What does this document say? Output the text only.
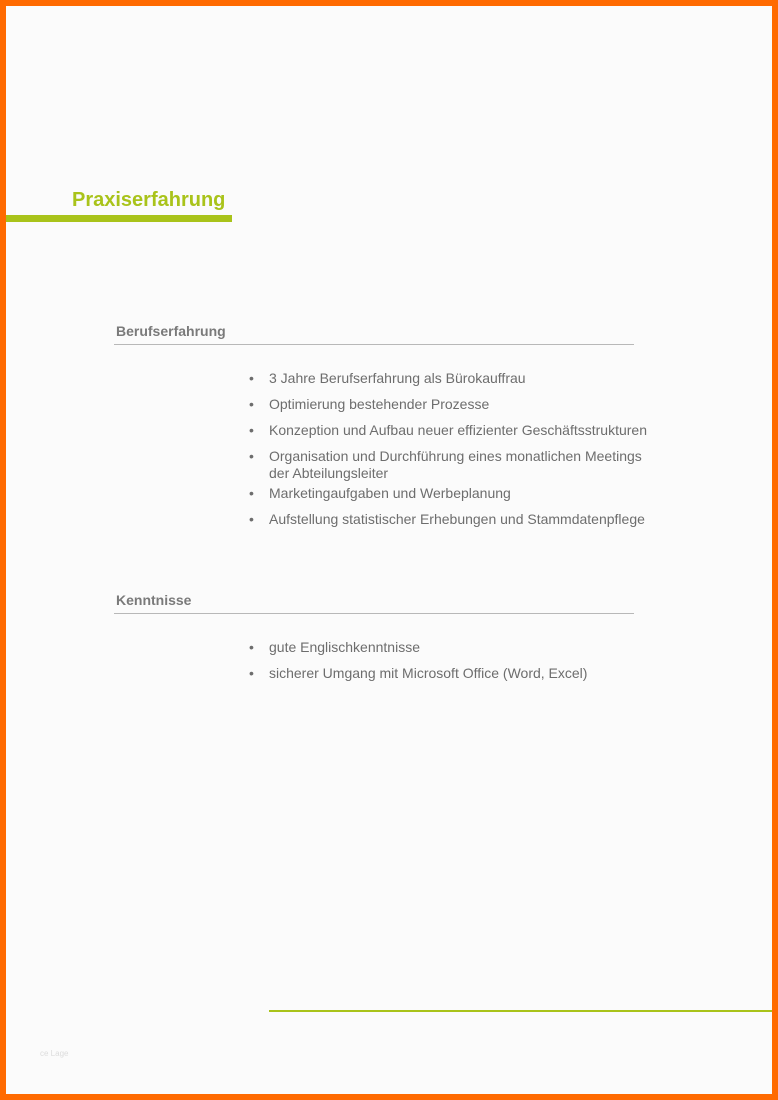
Praxiserfahrung
Berufserfahrung
• 3 Jahre Berufserfahrung als Bürokauffrau
• Optimierung bestehender Prozesse
• Konzeption und Aufbau neuer effizienter Geschäftsstrukturen
• Organisation und Durchführung eines monatlichen Meetings der Abteilungsleiter
• Marketingaufgaben und Werbeplanung
• Aufstellung statistischer Erhebungen und Stammdatenpflege
Kenntnisse
• gute Englischkenntnisse
• sicherer Umgang mit Microsoft Office (Word, Excel)
ce Lage
